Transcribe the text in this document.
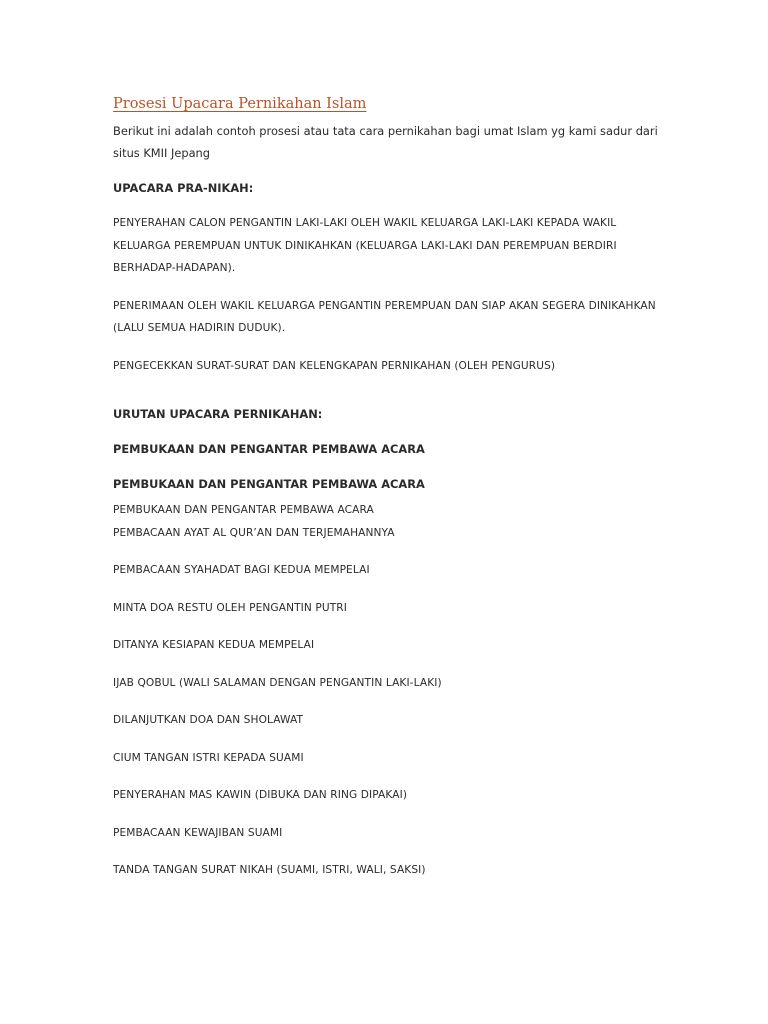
Prosesi Upacara Pernikahan Islam
Berikut ini adalah contoh prosesi atau tata cara pernikahan bagi umat Islam yg kami sadur dari situs KMII Jepang
UPACARA PRA-NIKAH:
PENYERAHAN CALON PENGANTIN LAKI-LAKI OLEH WAKIL KELUARGA LAKI-LAKI KEPADA WAKIL KELUARGA PEREMPUAN UNTUK DINIKAHKAN (KELUARGA LAKI-LAKI DAN PEREMPUAN BERDIRI BERHADAP-HADAPAN).
PENERIMAAN OLEH WAKIL KELUARGA PENGANTIN PEREMPUAN DAN SIAP AKAN SEGERA DINIKAHKAN (LALU SEMUA HADIRIN DUDUK).
PENGECEKKAN SURAT-SURAT DAN KELENGKAPAN PERNIKAHAN (OLEH PENGURUS)
URUTAN UPACARA PERNIKAHAN:
PEMBUKAAN DAN PENGANTAR PEMBAWA ACARA
PEMBUKAAN DAN PENGANTAR PEMBAWA ACARA
PEMBUKAAN DAN PENGANTAR PEMBAWA ACARA
PEMBACAAN AYAT AL QUR’AN DAN TERJEMAHANNYA
PEMBACAAN SYAHADAT BAGI KEDUA MEMPELAI
MINTA DOA RESTU OLEH PENGANTIN PUTRI
DITANYA KESIAPAN KEDUA MEMPELAI
IJAB QOBUL (WALI SALAMAN DENGAN PENGANTIN LAKI-LAKI)
DILANJUTKAN DOA DAN SHOLAWAT
CIUM TANGAN ISTRI KEPADA SUAMI
PENYERAHAN MAS KAWIN (DIBUKA DAN RING DIPAKAI)
PEMBACAAN KEWAJIBAN SUAMI
TANDA TANGAN SURAT NIKAH (SUAMI, ISTRI, WALI, SAKSI)
